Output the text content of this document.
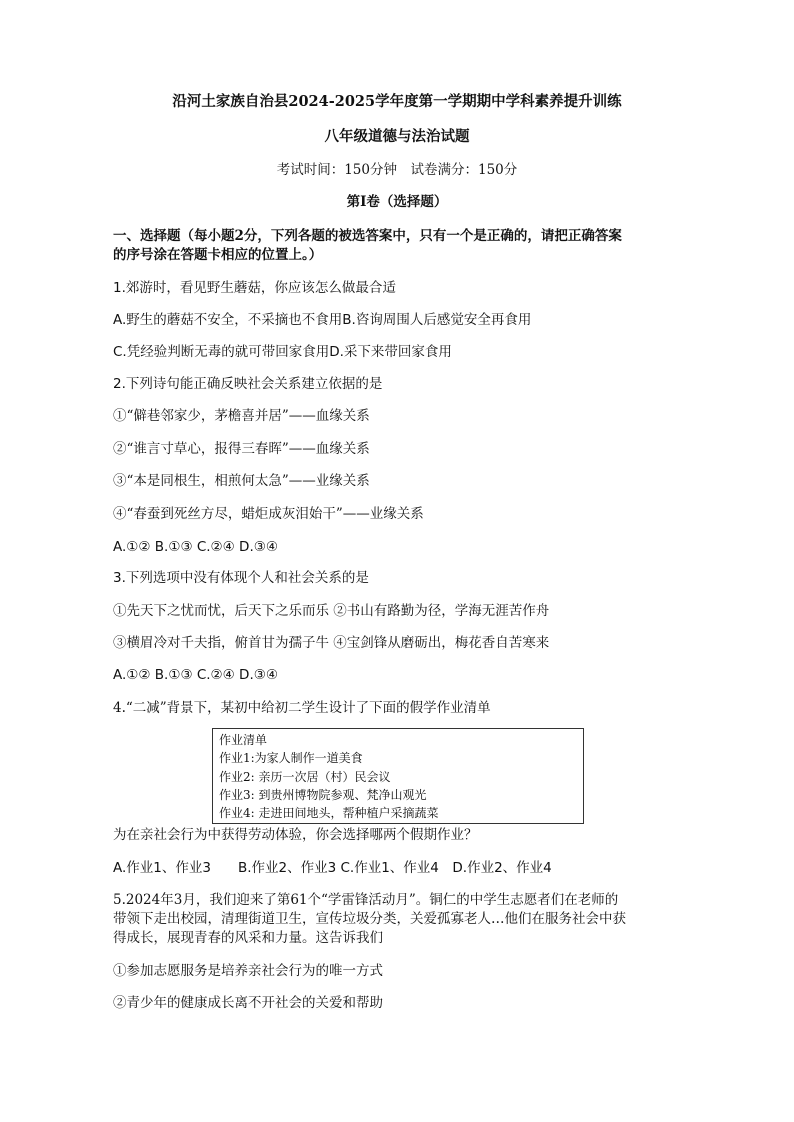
沿河土家族自治县2024-2025学年度第一学期期中学科素养提升训练
八年级道德与法治试题
考试时间：150分钟　试卷满分：150分
第Ⅰ卷（选择题）
一、选择题（每小题2分，下列各题的被选答案中，只有一个是正确的，请把正确答案
的序号涂在答题卡相应的位置上。）
1.郊游时，看见野生蘑菇，你应该怎么做最合适
A.野生的蘑菇不安全，不采摘也不食用B.咨询周围人后感觉安全再食用
C.凭经验判断无毒的就可带回家食用D.采下来带回家食用
2.下列诗句能正确反映社会关系建立依据的是
①“僻巷邻家少，茅檐喜并居”——血缘关系
②“谁言寸草心，报得三春晖”——血缘关系
③“本是同根生，相煎何太急”——业缘关系
④“春蚕到死丝方尽，蜡炬成灰泪始干”——业缘关系
A.①② B.①③ C.②④ D.③④
3.下列选项中没有体现个人和社会关系的是
①先天下之忧而忧，后天下之乐而乐 ②书山有路勤为径，学海无涯苦作舟
③横眉冷对千夫指，俯首甘为孺子牛 ④宝剑锋从磨砺出，梅花香自苦寒来
A.①② B.①③ C.②④ D.③④
4.“二减”背景下，某初中给初二学生设计了下面的假学作业清单
作业清单
作业1:为家人制作一道美食
作业2: 亲历一次居（村）民会议
作业3: 到贵州博物院参观、梵净山观光
作业4: 走进田间地头，帮种植户采摘蔬菜
为在亲社会行为中获得劳动体验，你会选择哪两个假期作业？
A.作业1、作业3　　B.作业2、作业3 C.作业1、作业4　D.作业2、作业4
5.2024年3月，我们迎来了第61个“学雷锋活动月”。铜仁的中学生志愿者们在老师的
带领下走出校园，清理街道卫生，宣传垃圾分类，关爱孤寡老人…他们在服务社会中获
得成长，展现青春的风采和力量。这告诉我们
①参加志愿服务是培养亲社会行为的唯一方式
②青少年的健康成长离不开社会的关爱和帮助
